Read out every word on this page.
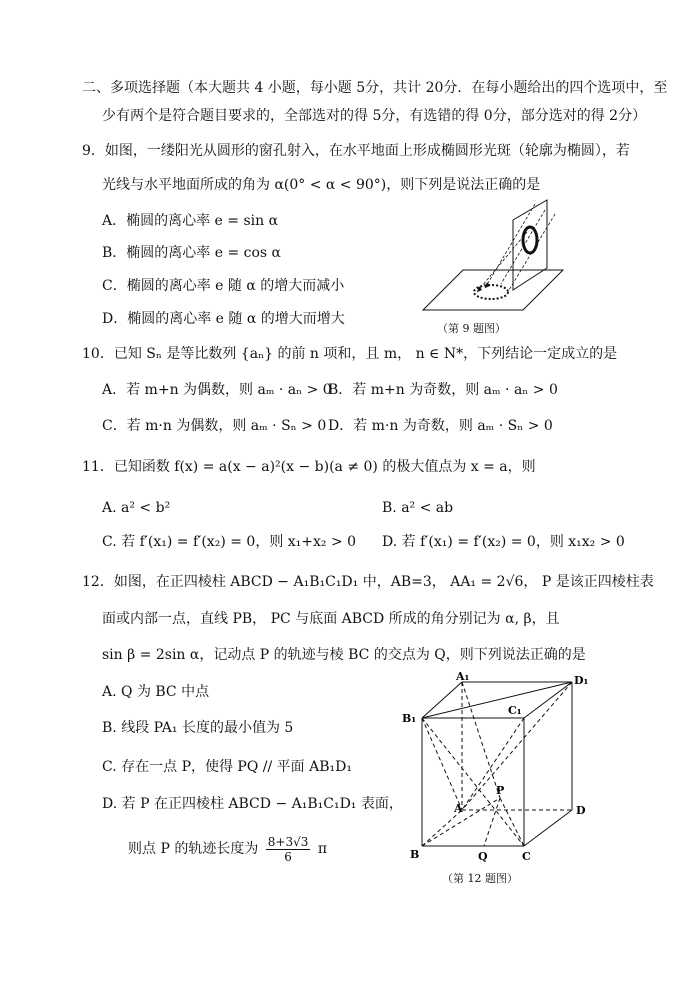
二、多项选择题（本大题共 4 小题，每小题 5分，共计 20分．在每小题给出的四个选项中，至
少有两个是符合题目要求的，全部选对的得 5分，有选错的得 0分，部分选对的得 2分）
9．如图，一缕阳光从圆形的窗孔射入，在水平地面上形成椭圆形光斑（轮廓为椭圆），若
光线与水平地面所成的角为 α(0° < α < 90°)，则下列是说法正确的是
A．椭圆的离心率 e = sin α
B．椭圆的离心率 e = cos α
C．椭圆的离心率 e 随 α 的增大而减小
D．椭圆的离心率 e 随 α 的增大而增大
（第 9 题图）
10．已知 Sₙ 是等比数列 {aₙ} 的前 n 项和，且 m， n ∈ N*，下列结论一定成立的是
A．若 m+n 为偶数，则 aₘ · aₙ > 0
B．若 m+n 为奇数，则 aₘ · aₙ > 0
C．若 m·n 为偶数，则 aₘ · Sₙ > 0 D．若 m·n 为奇数，则 aₘ · Sₙ > 0
11．已知函数 f(x) = a(x − a)²(x − b)(a ≠ 0) 的极大值点为 x = a，则
A. a² < b²	B. a² < ab
C. 若 f′(x₁) = f′(x₂) = 0，则 x₁+x₂ > 0 D. 若 f′(x₁) = f′(x₂) = 0，则 x₁x₂ > 0
12．如图，在正四棱柱 ABCD − A₁B₁C₁D₁ 中，AB=3， AA₁ = 2√6， P 是该正四棱柱表
面或内部一点，直线 PB， PC 与底面 ABCD 所成的角分别记为 α, β，且
sin β = 2sin α，记动点 P 的轨迹与棱 BC 的交点为 Q，则下列说法正确的是
A. Q 为 BC 中点
B. 线段 PA₁ 长度的最小值为 5
C. 存在一点 P，使得 PQ // 平面 AB₁D₁
D. 若 P 在正四棱柱 ABCD − A₁B₁C₁D₁ 表面，
则点 P 的轨迹长度为 $\frac{8+3√3}{6}$ π
A₁	D₁
C₁
B₁
A
P
D
B	Q	C
（第 12 题图）
